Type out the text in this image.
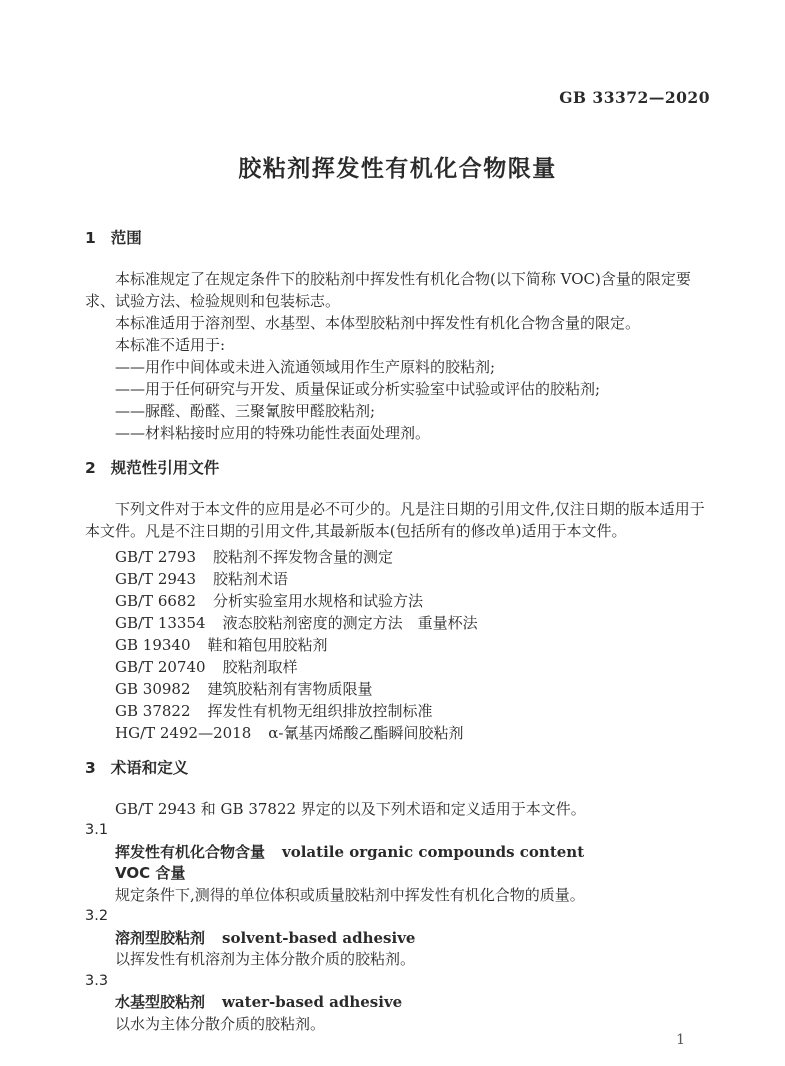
GB 33372—2020
胶粘剂挥发性有机化合物限量
1 范围
本标准规定了在规定条件下的胶粘剂中挥发性有机化合物(以下简称 VOC)含量的限定要求、试验方法、检验规则和包装标志。
本标准适用于溶剂型、水基型、本体型胶粘剂中挥发性有机化合物含量的限定。
本标准不适用于:
——用作中间体或未进入流通领域用作生产原料的胶粘剂;
——用于任何研究与开发、质量保证或分析实验室中试验或评估的胶粘剂;
——脲醛、酚醛、三聚氰胺甲醛胶粘剂;
——材料粘接时应用的特殊功能性表面处理剂。
2 规范性引用文件
下列文件对于本文件的应用是必不可少的。凡是注日期的引用文件,仅注日期的版本适用于本文件。凡是不注日期的引用文件,其最新版本(包括所有的修改单)适用于本文件。
GB/T 2793 胶粘剂不挥发物含量的测定
GB/T 2943 胶粘剂术语
GB/T 6682 分析实验室用水规格和试验方法
GB/T 13354 液态胶粘剂密度的测定方法　重量杯法
GB 19340 鞋和箱包用胶粘剂
GB/T 20740 胶粘剂取样
GB 30982 建筑胶粘剂有害物质限量
GB 37822 挥发性有机物无组织排放控制标准
HG/T 2492—2018 α-氰基丙烯酸乙酯瞬间胶粘剂
3 术语和定义
GB/T 2943 和 GB 37822 界定的以及下列术语和定义适用于本文件。
3.1
挥发性有机化合物含量 volatile organic compounds content
VOC 含量
规定条件下,测得的单位体积或质量胶粘剂中挥发性有机化合物的质量。
3.2
溶剂型胶粘剂 solvent-based adhesive
以挥发性有机溶剂为主体分散介质的胶粘剂。
3.3
水基型胶粘剂 water-based adhesive
以水为主体分散介质的胶粘剂。
1
